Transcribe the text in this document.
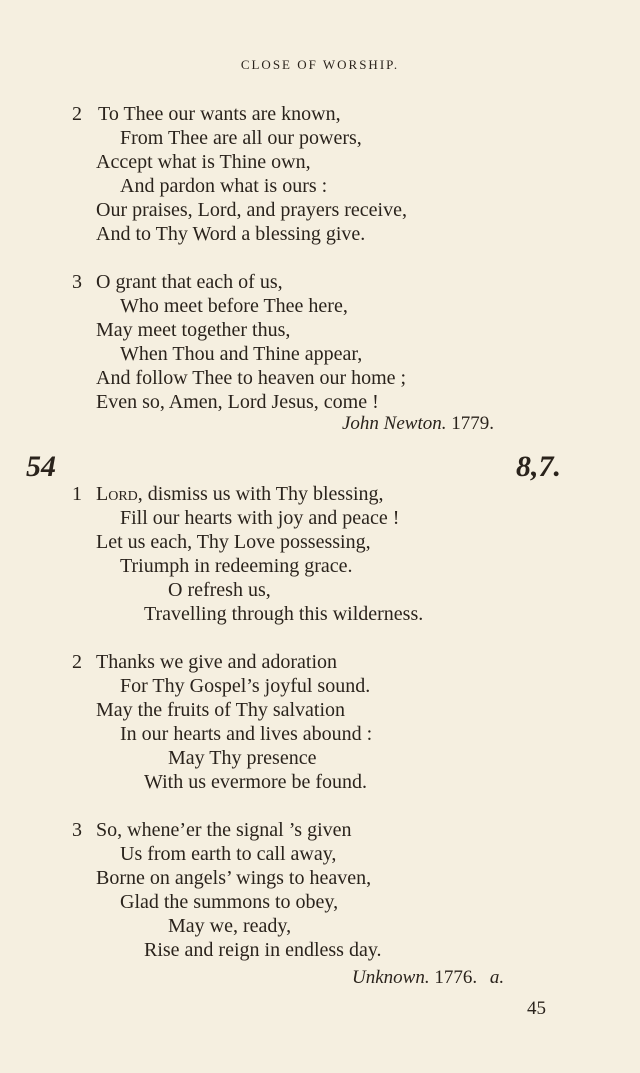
CLOSE OF WORSHIP.
2 To Thee our wants are known,
From Thee are all our powers,
Accept what is Thine own,
And pardon what is ours :
Our praises, Lord, and prayers receive,
And to Thy Word a blessing give.
3 O grant that each of us,
Who meet before Thee here,
May meet together thus,
When Thou and Thine appear,
And follow Thee to heaven our home ;
Even so, Amen, Lord Jesus, come !
John Newton. 1779.
54	8,7.
1 Lord, dismiss us with Thy blessing,
Fill our hearts with joy and peace !
Let us each, Thy Love possessing,
Triumph in redeeming grace.
O refresh us,
Travelling through this wilderness.
2 Thanks we give and adoration
For Thy Gospel’s joyful sound.
May the fruits of Thy salvation
In our hearts and lives abound :
May Thy presence
With us evermore be found.
3 So, whene’er the signal ’s given
Us from earth to call away,
Borne on angels’ wings to heaven,
Glad the summons to obey,
May we, ready,
Rise and reign in endless day.
Unknown. 1776. a.
45
